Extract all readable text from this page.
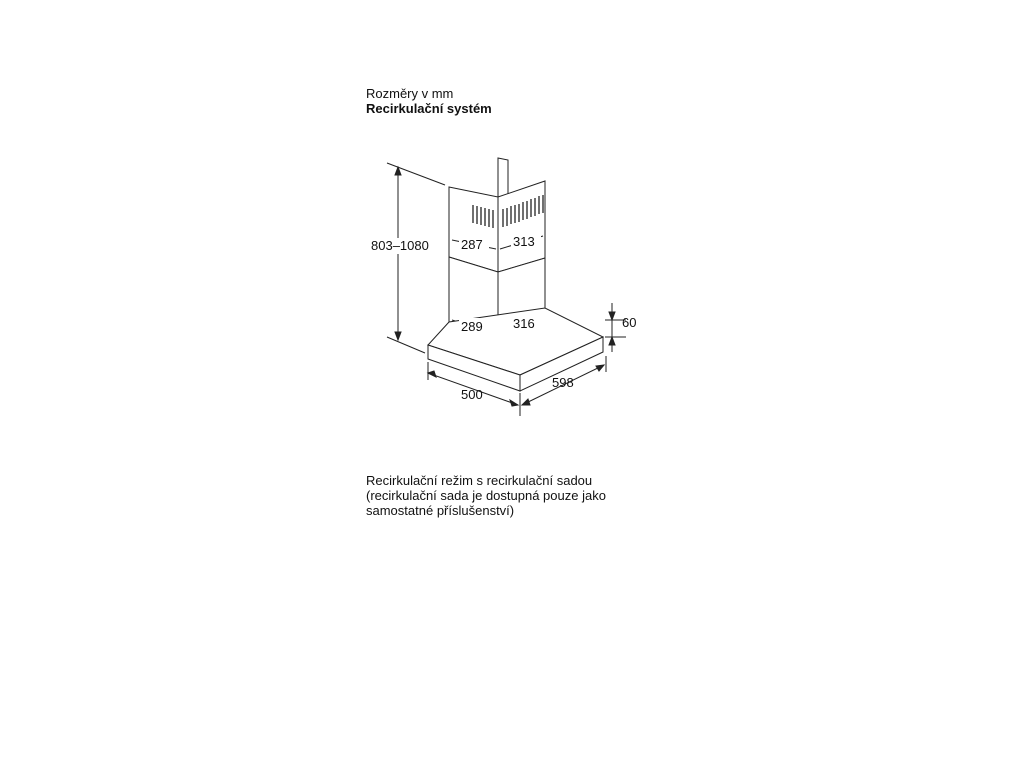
Rozměry v mm
Recirkulační systém
803–1080 287 313
289 316	60
500
598
Recirkulační režim s recirkulační sadou
(recirkulační sada je dostupná pouze jako
samostatné příslušenství)
